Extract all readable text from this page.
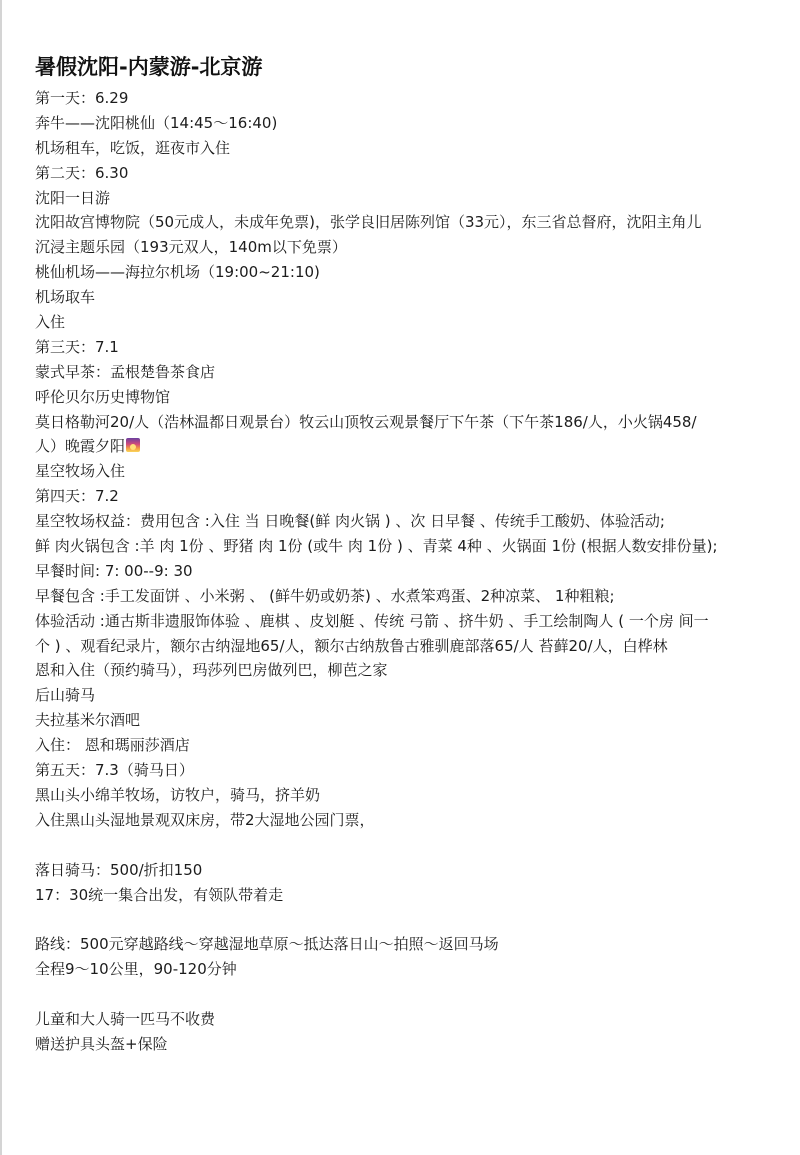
暑假沈阳-内蒙游-北京游
第一天：6.29
奔牛——沈阳桃仙（14:45～16:40)
机场租车，吃饭，逛夜市入住
第二天：6.30
沈阳一日游
沈阳故宫博物院（50元成人，未成年免票)，张学良旧居陈列馆（33元），东三省总督府，沈阳主角儿
沉浸主题乐园（193元双人，140m以下免票）
桃仙机场——海拉尔机场（19:00~21:10)
机场取车
入住
第三天：7.1
蒙式早茶：孟根楚鲁茶食店
呼伦贝尔历史博物馆
莫日格勒河20/人（浩林温都日观景台）牧云山顶牧云观景餐厅下午茶（下午茶186/人，小火锅458/
人）晚霞夕阳
星空牧场入住
第四天：7.2
星空牧场权益：费用包含 :入住 当 日晚餐(鲜 肉火锅 ) 、次 日早餐 、传统手工酸奶、体验活动;
鲜 肉火锅包含 :羊 肉 1份 、野猪 肉 1份 (或牛 肉 1份 ) 、青菜 4种 、火锅面 1份 (根据人数安排份量);
早餐时间: 7: 00--9: 30
早餐包含 :手工发面饼 、小米粥 、 (鲜牛奶或奶茶) 、水煮笨鸡蛋、2种凉菜、 1种粗粮;
体验活动 :通古斯非遗服饰体验 、鹿棋 、皮划艇 、传统 弓箭 、挤牛奶 、手工绘制陶人 ( 一个房 间一
个 ) 、观看纪录片，额尔古纳湿地65/人，额尔古纳敖鲁古雅驯鹿部落65/人 苔藓20/人，白桦林
恩和入住（预约骑马），玛莎列巴房做列巴，柳芭之家
后山骑马
夫拉基米尔酒吧
入住： 恩和瑪丽莎酒店
第五天：7.3（骑马日）
黑山头小绵羊牧场，访牧户，骑马，挤羊奶
入住黑山头湿地景观双床房，带2大湿地公园门票，
落日骑马：500/折扣150
17：30统一集合出发，有领队带着走
路线：500元穿越路线～穿越湿地草原～抵达落日山～拍照～返回马场
全程9～10公里，90-120分钟
儿童和大人骑一匹马不收费
赠送护具头盔+保险
